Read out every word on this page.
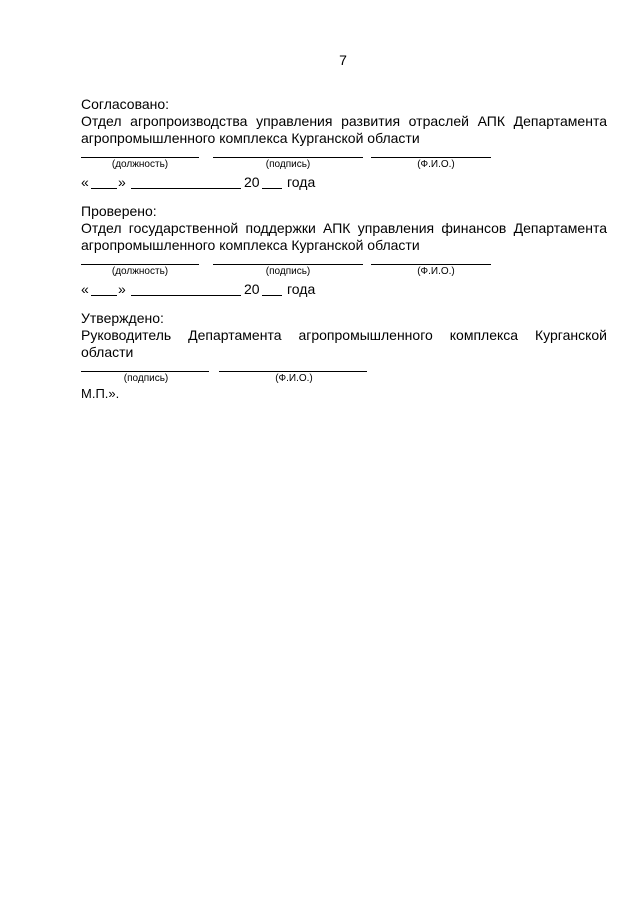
7
Согласовано:
Отдел агропроизводства управления развития отраслей АПК Департамента агропромышленного комплекса Курганской области
(должность)	(подпись)	(Ф.И.О.)
« »	20 года
Проверено:
Отдел государственной поддержки АПК управления финансов Департамента агропромышленного комплекса Курганской области
(должность)	(подпись)	(Ф.И.О.)
« »	20 года
Утверждено:
Руководитель Департамента агропромышленного комплекса Курганской области
(подпись)	(Ф.И.О.)
М.П.».
